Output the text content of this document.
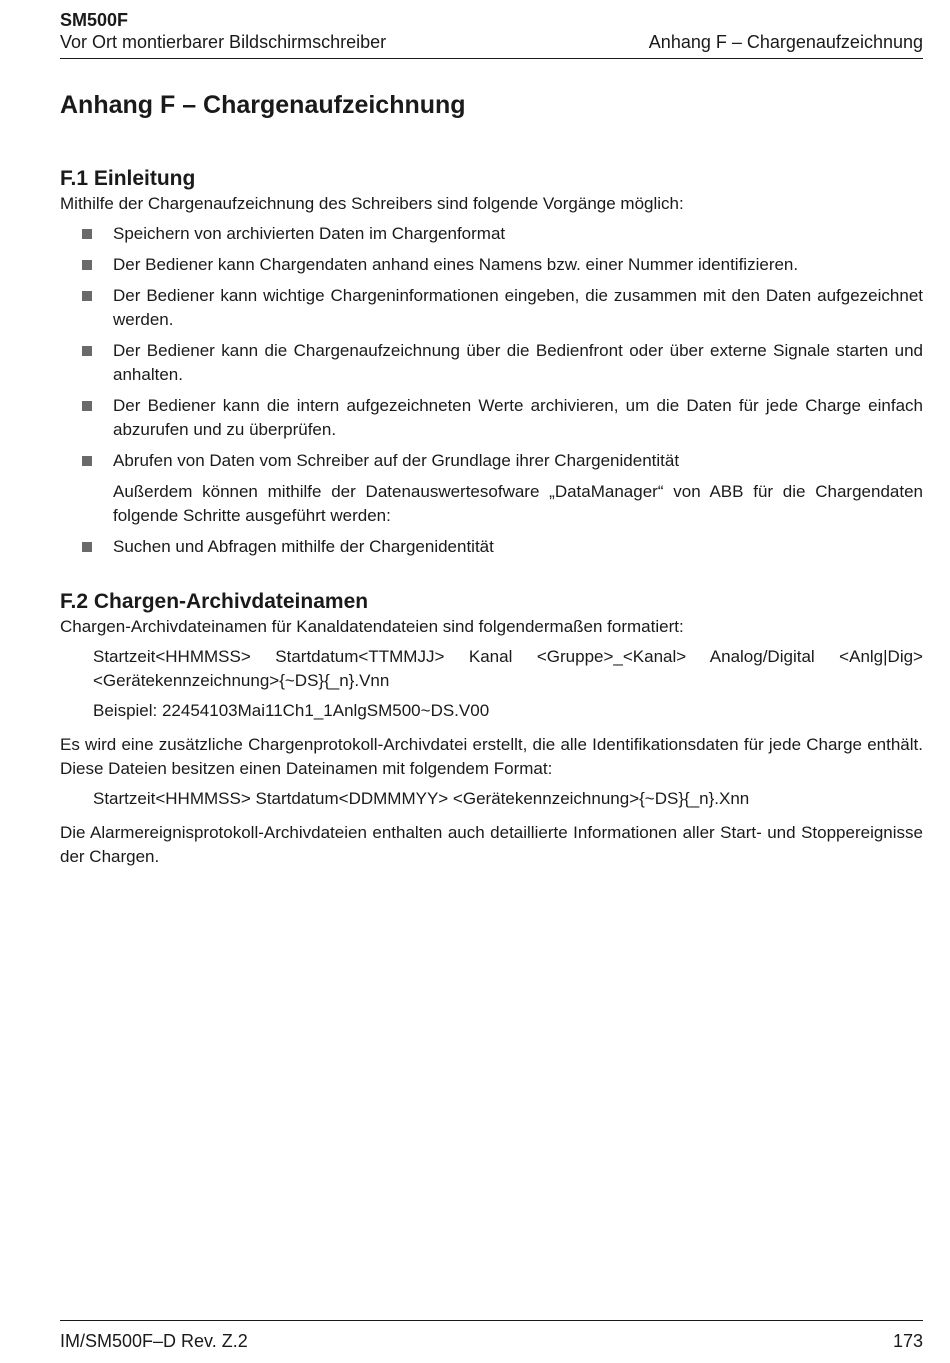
SM500F
Vor Ort montierbarer Bildschirmschreiber	Anhang F – Chargenaufzeichnung
Anhang F – Chargenaufzeichnung
F.1 Einleitung

Mithilfe der Chargenaufzeichnung des Schreibers sind folgende Vorgänge möglich:

Speichern von archivierten Daten im Chargenformat
Der Bediener kann Chargendaten anhand eines Namens bzw. einer Nummer identifizieren.
Der Bediener kann wichtige Chargeninformationen eingeben, die zusammen mit den Daten aufgezeichnet werden.
Der Bediener kann die Chargenaufzeichnung über die Bedienfront oder über externe Signale starten und anhalten.
Der Bediener kann die intern aufgezeichneten Werte archivieren, um die Daten für jede Charge einfach abzurufen und zu überprüfen.
Abrufen von Daten vom Schreiber auf der Grundlage ihrer Chargenidentität

Außerdem können mithilfe der Datenauswertesofware „DataManager“ von ABB für die Chargendaten folgende Schritte ausgeführt werden:

Suchen und Abfragen mithilfe der Chargenidentität
F.2 Chargen-Archivdateinamen

Chargen-Archivdateinamen für Kanaldatendateien sind folgendermaßen formatiert:

Startzeit<HHMMSS> Startdatum<TTMMJJ> Kanal <Gruppe>_<Kanal> Analog/Digital <Anlg|Dig> <Gerätekennzeichnung>{~DS}{_n}.Vnn

Beispiel: 22454103Mai11Ch1_1AnlgSM500~DS.V00

Es wird eine zusätzliche Chargenprotokoll-Archivdatei erstellt, die alle Identifikationsdaten für jede Charge enthält. Diese Dateien besitzen einen Dateinamen mit folgendem Format:

Startzeit<HHMMSS> Startdatum<DDMMMYY> <Gerätekennzeichnung>{~DS}{_n}.Xnn

Die Alarmereignisprotokoll-Archivdateien enthalten auch detaillierte Informationen aller Start- und Stoppereignisse der Chargen.

IM/SM500F–D Rev. Z.2	173
